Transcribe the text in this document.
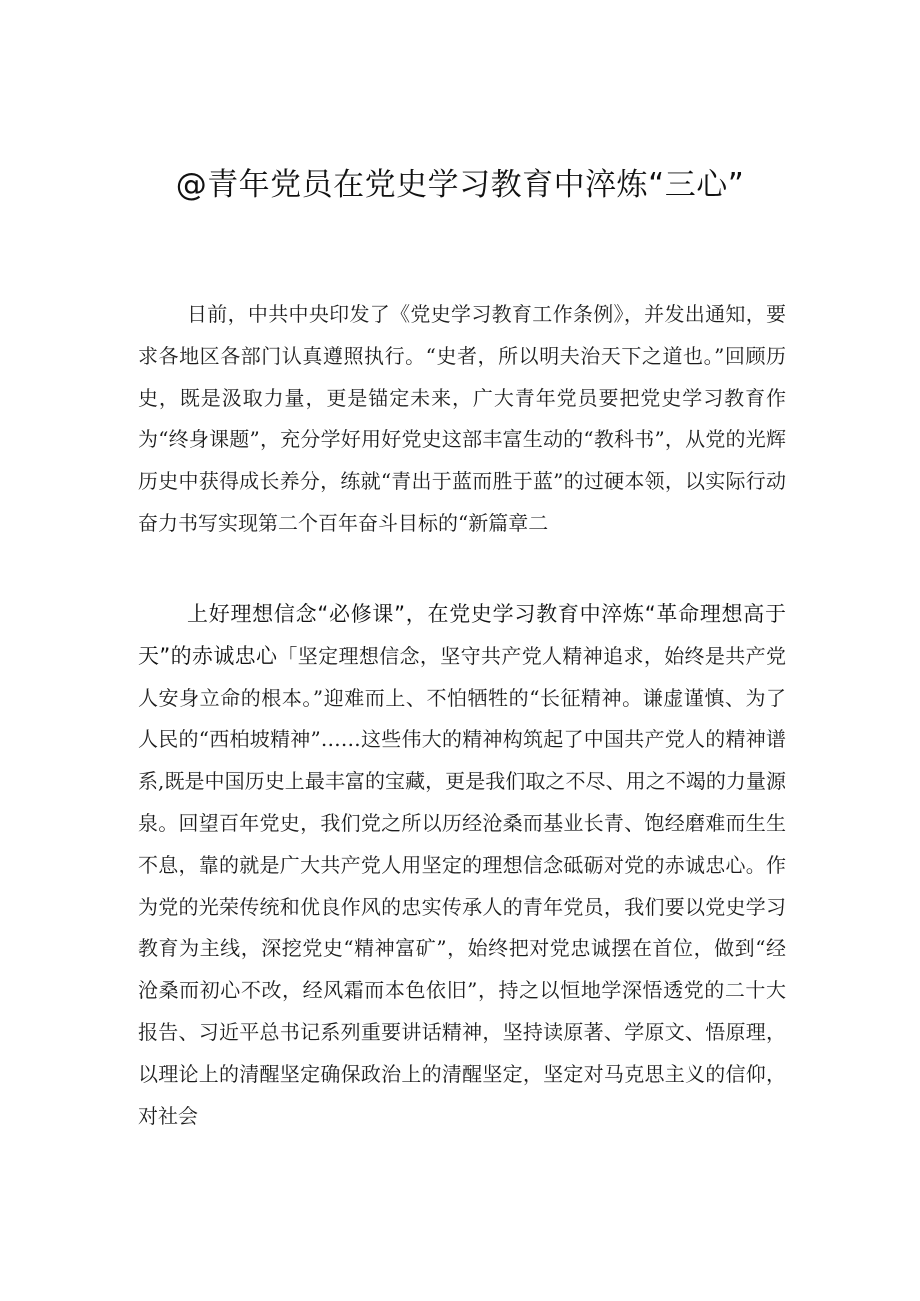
@青年党员在党史学习教育中淬炼“三心”

日前，中共中央印发了《党史学习教育工作条例》，并发出通知，要求各地区各部门认真遵照执行。“史者，所以明夫治天下之道也。”回顾历史，既是汲取力量，更是锚定未来，广大青年党员要把党史学习教育作为“终身课题”，充分学好用好党史这部丰富生动的“教科书”，从党的光辉历史中获得成长养分，练就“青出于蓝而胜于蓝”的过硬本领，以实际行动奋力书写实现第二个百年奋斗目标的“新篇章二

上好理想信念“必修课”，在党史学习教育中淬炼“革命理想高于天”的赤诚忠心「坚定理想信念，坚守共产党人精神追求，始终是共产党人安身立命的根本。”迎难而上、不怕牺牲的“长征精神。谦虚谨慎、为了人民的“西柏坡精神”……这些伟大的精神构筑起了中国共产党人的精神谱系,既是中国历史上最丰富的宝藏，更是我们取之不尽、用之不竭的力量源泉。回望百年党史，我们党之所以历经沧桑而基业长青、饱经磨难而生生不息，靠的就是广大共产党人用坚定的理想信念砥砺对党的赤诚忠心。作为党的光荣传统和优良作风的忠实传承人的青年党员，我们要以党史学习教育为主线，深挖党史“精神富矿”，始终把对党忠诚摆在首位，做到“经沧桑而初心不改，经风霜而本色依旧”，持之以恒地学深悟透党的二十大报告、习近平总书记系列重要讲话精神，坚持读原著、学原文、悟原理，以理论上的清醒坚定确保政治上的清醒坚定，坚定对马克思主义的信仰，对社会
